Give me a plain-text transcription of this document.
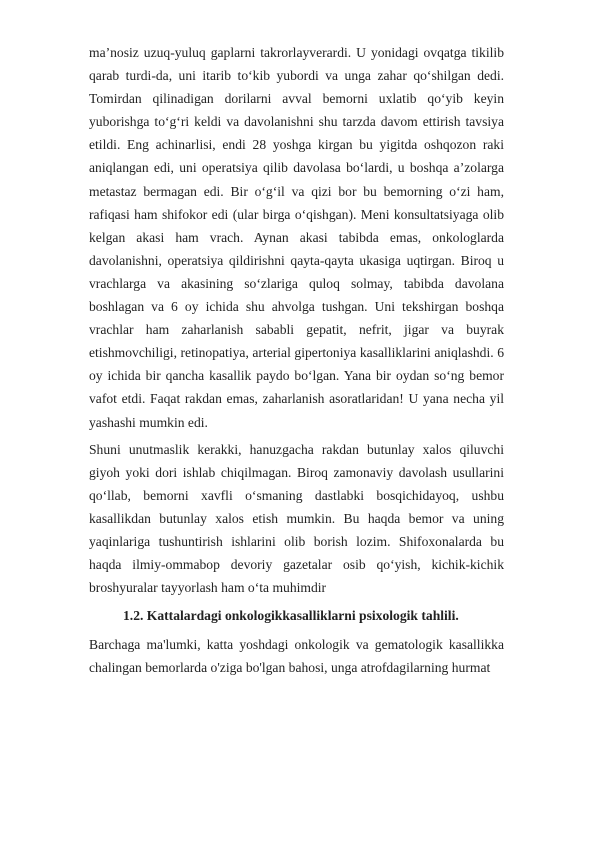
ma’nosiz uzuq-yuluq gaplarni takrorlayverardi. U yonidagi ovqatga tikilib qarab turdi-da, uni itarib to‘kib yubordi va unga zahar qo‘shilgan dedi. Tomirdan qilinadigan dorilarni avval bemorni uxlatib qo‘yib keyin yuborishga to‘g‘ri keldi va davolanishni shu tarzda davom ettirish tavsiya etildi. Eng achinarlisi, endi 28 yoshga kirgan bu yigitda oshqozon raki aniqlangan edi, uni operatsiya qilib davolasa bo‘lardi, u boshqa a’zolarga metastaz bermagan edi. Bir o‘g‘il va qizi bor bu bemorning o‘zi ham, rafiqasi ham shifokor edi (ular birga o‘qishgan). Meni konsultatsiyaga olib kelgan akasi ham vrach. Aynan akasi tabibda emas, onkologlarda davolanishni, operatsiya qildirishni qayta-qayta ukasiga uqtirgan. Biroq u vrachlarga va akasining so‘zlariga quloq solmay, tabibda davolana boshlagan va 6 oy ichida shu ahvolga tushgan. Uni tekshirgan boshqa vrachlar ham zaharlanish sababli gepatit, nefrit, jigar va buyrak etishmovchiligi, retinopatiya, arterial gipertoniya kasalliklarini aniqlashdi. 6 oy ichida bir qancha kasallik paydo bo‘lgan. Yana bir oydan so‘ng bemor vafot etdi. Faqat rakdan emas, zaharlanish asoratlaridan! U yana necha yil yashashi mumkin edi.

Shuni unutmaslik kerakki, hanuzgacha rakdan butunlay xalos qiluvchi giyoh yoki dori ishlab chiqilmagan. Biroq zamonaviy davolash usullarini qo‘llab, bemorni xavfli o‘smaning dastlabki bosqichidayoq, ushbu kasallikdan butunlay xalos etish mumkin. Bu haqda bemor va uning yaqinlariga tushuntirish ishlarini olib borish lozim. Shifoxonalarda bu haqda ilmiy-ommabop devoriy gazetalar osib qo‘yish, kichik-kichik broshyuralar tayyorlash ham o‘ta muhimdir

1.2. Kattalardagi onkologikkasalliklarni psixologik tahlili.

Barchaga ma'lumki, katta yoshdagi onkologik va gematologik kasallikka chalingan bemorlarda o'ziga bo'lgan bahosi, unga atrofdagilarning hurmat
